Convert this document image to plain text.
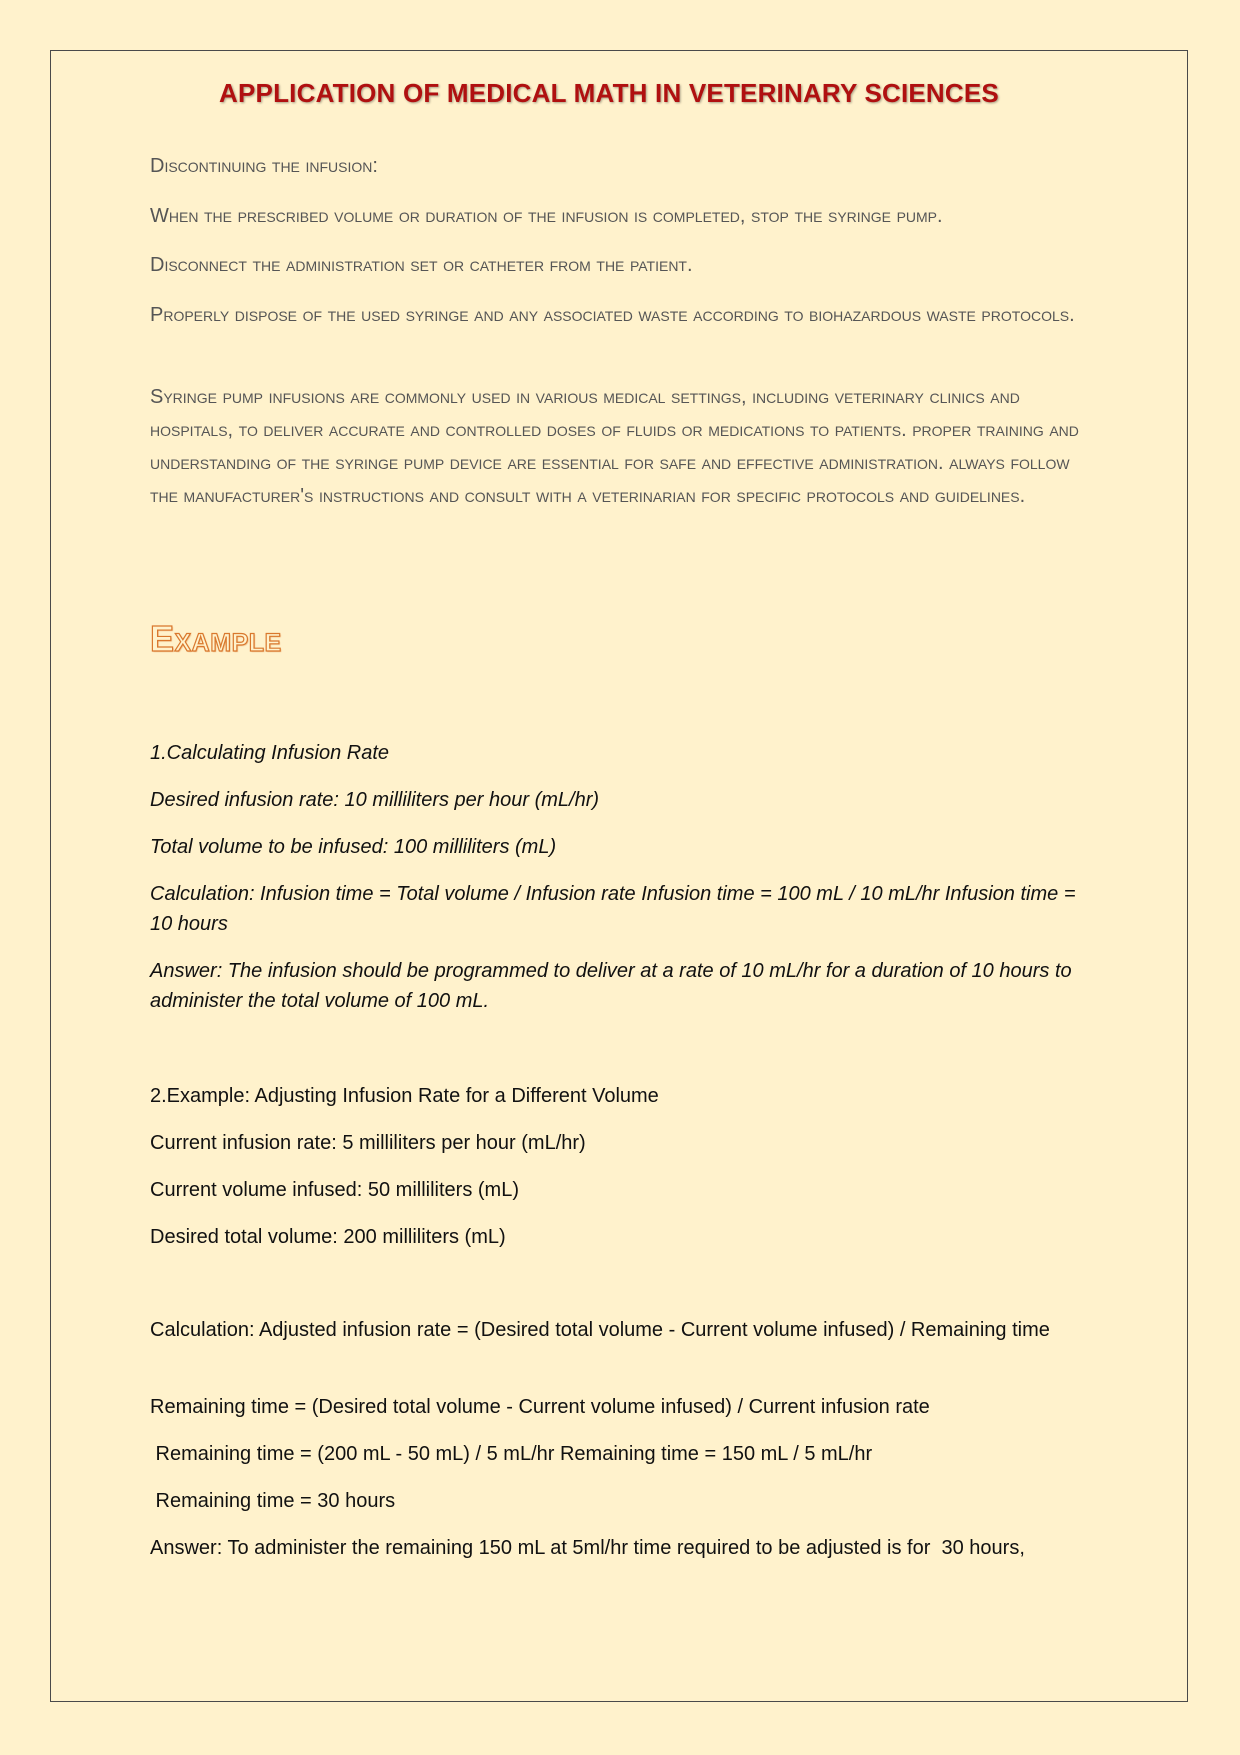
APPLICATION OF MEDICAL MATH IN VETERINARY SCIENCES

Discontinuing the infusion:

When the prescribed volume or duration of the infusion is completed, stop the syringe pump.

Disconnect the administration set or catheter from the patient.

Properly dispose of the used syringe and any associated waste according to biohazardous waste protocols.

Syringe pump infusions are commonly used in various medical settings, including veterinary clinics and hospitals, to deliver accurate and controlled doses of fluids or medications to patients. proper training and understanding of the syringe pump device are essential for safe and effective administration. always follow the manufacturer's instructions and consult with a veterinarian for specific protocols and guidelines.

Example

1.Calculating Infusion Rate

Desired infusion rate: 10 milliliters per hour (mL/hr)

Total volume to be infused: 100 milliliters (mL)

Calculation: Infusion time = Total volume / Infusion rate Infusion time = 100 mL / 10 mL/hr Infusion time = 10 hours

Answer: The infusion should be programmed to deliver at a rate of 10 mL/hr for a duration of 10 hours to administer the total volume of 100 mL.

2.Example: Adjusting Infusion Rate for a Different Volume

Current infusion rate: 5 milliliters per hour (mL/hr)

Current volume infused: 50 milliliters (mL)

Desired total volume: 200 milliliters (mL)

Calculation: Adjusted infusion rate = (Desired total volume - Current volume infused) / Remaining time

Remaining time = (Desired total volume - Current volume infused) / Current infusion rate

Remaining time = (200 mL - 50 mL) / 5 mL/hr Remaining time = 150 mL / 5 mL/hr

Remaining time = 30 hours

Answer: To administer the remaining 150 mL at 5ml/hr time required to be adjusted is for  30 hours,
